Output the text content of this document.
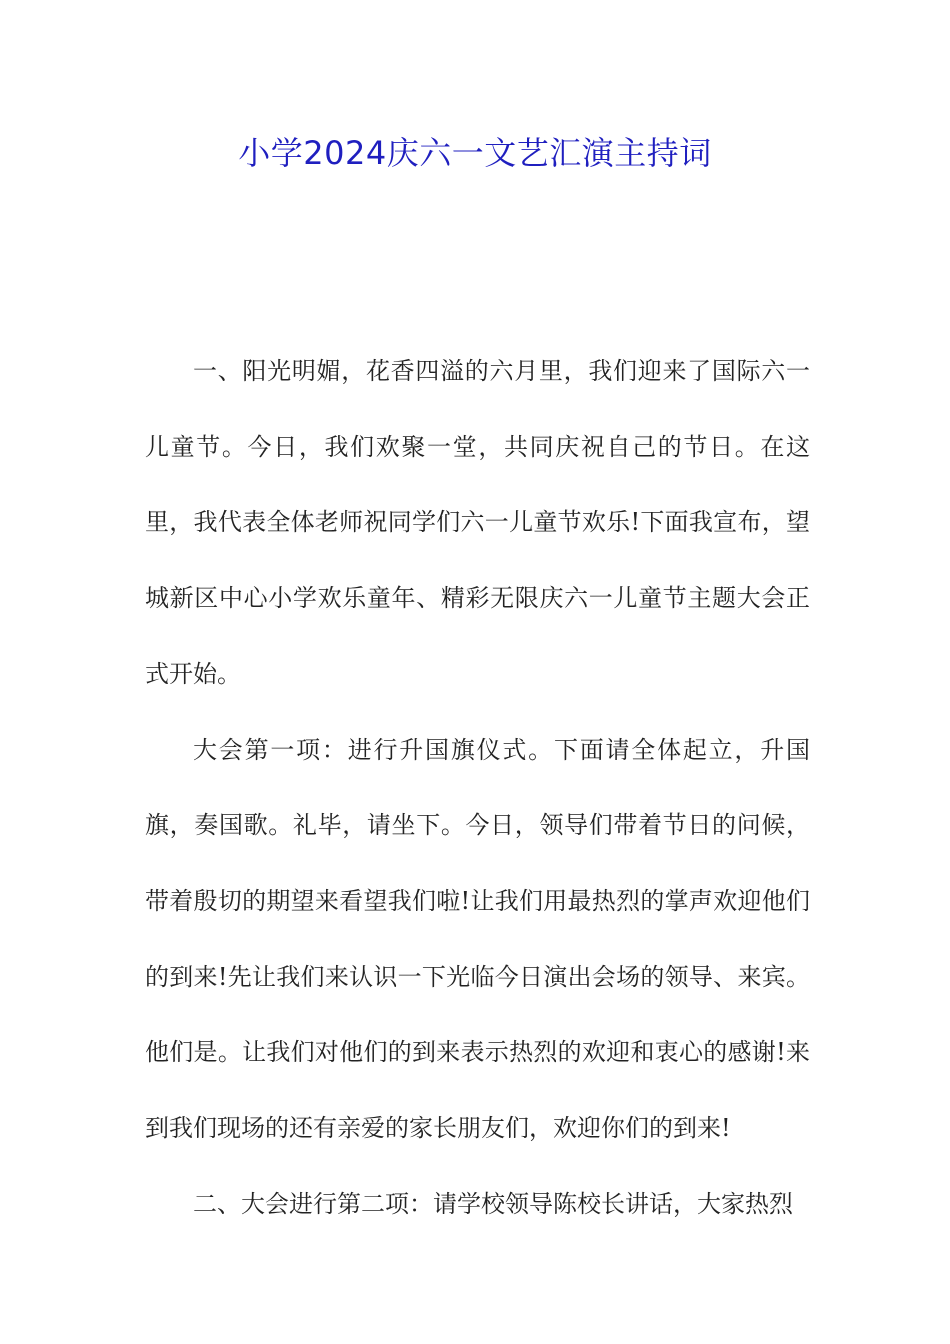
小学2024庆六一文艺汇演主持词

一、阳光明媚，花香四溢的六月里，我们迎来了国际六一儿童节。今日，我们欢聚一堂，共同庆祝自己的节日。在这里，我代表全体老师祝同学们六一儿童节欢乐!下面我宣布，望城新区中心小学欢乐童年、精彩无限庆六一儿童节主题大会正式开始。

大会第一项：进行升国旗仪式。下面请全体起立，升国旗，奏国歌。礼毕，请坐下。今日，领导们带着节日的问候，带着殷切的期望来看望我们啦!让我们用最热烈的掌声欢迎他们的到来!先让我们来认识一下光临今日演出会场的领导、来宾。他们是。让我们对他们的到来表示热烈的欢迎和衷心的感谢!来到我们现场的还有亲爱的家长朋友们，欢迎你们的到来!

二、大会进行第二项：请学校领导陈校长讲话，大家热烈
